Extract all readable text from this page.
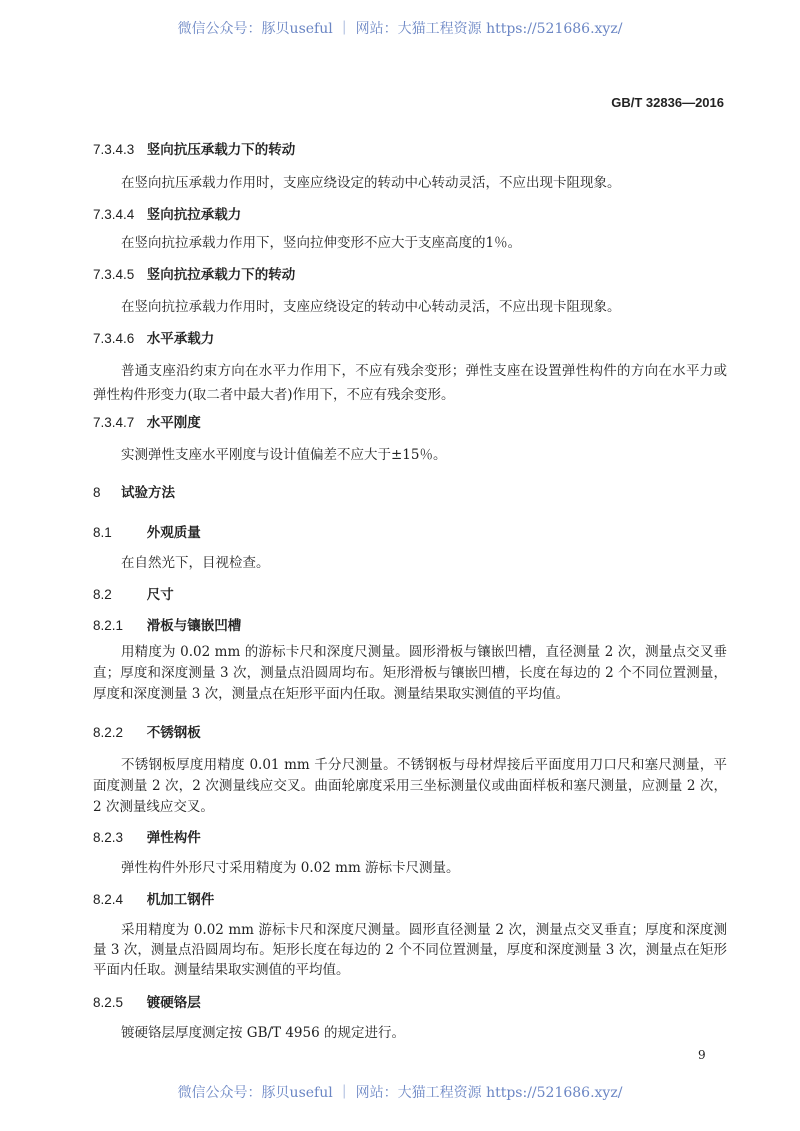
微信公众号：豚贝useful ｜ 网站：大猫工程资源 https://521686.xyz/
GB/T 32836—2016
7.3.4.3 竖向抗压承载力下的转动
在竖向抗压承载力作用时，支座应绕设定的转动中心转动灵活，不应出现卡阻现象。
7.3.4.4 竖向抗拉承载力
在竖向抗拉承载力作用下，竖向拉伸变形不应大于支座高度的1％。
7.3.4.5 竖向抗拉承载力下的转动
在竖向抗拉承载力作用时，支座应绕设定的转动中心转动灵活，不应出现卡阻现象。
7.3.4.6 水平承载力
普通支座沿约束方向在水平力作用下，不应有残余变形；弹性支座在设置弹性构件的方向在水平力或弹性构件形变力(取二者中最大者)作用下，不应有残余变形。
7.3.4.7 水平刚度
实测弹性支座水平刚度与设计值偏差不应大于±15％。
8 试验方法
8.1	外观质量
在自然光下，目视检查。
8.2	尺寸
8.2.1 滑板与镶嵌凹槽
用精度为 0.02 mm 的游标卡尺和深度尺测量。圆形滑板与镶嵌凹槽，直径测量 2 次，测量点交叉垂直；厚度和深度测量 3 次，测量点沿圆周均布。矩形滑板与镶嵌凹槽，长度在每边的 2 个不同位置测量，厚度和深度测量 3 次，测量点在矩形平面内任取。测量结果取实测值的平均值。
8.2.2 不锈钢板
不锈钢板厚度用精度 0.01 mm 千分尺测量。不锈钢板与母材焊接后平面度用刀口尺和塞尺测量，平面度测量 2 次，2 次测量线应交叉。曲面轮廓度采用三坐标测量仪或曲面样板和塞尺测量，应测量 2 次，2 次测量线应交叉。
8.2.3 弹性构件
弹性构件外形尺寸采用精度为 0.02 mm 游标卡尺测量。
8.2.4 机加工钢件
采用精度为 0.02 mm 游标卡尺和深度尺测量。圆形直径测量 2 次，测量点交叉垂直；厚度和深度测量 3 次，测量点沿圆周均布。矩形长度在每边的 2 个不同位置测量，厚度和深度测量 3 次，测量点在矩形平面内任取。测量结果取实测值的平均值。
8.2.5 镀硬铬层
镀硬铬层厚度测定按 GB/T 4956 的规定进行。
9
微信公众号：豚贝useful ｜ 网站：大猫工程资源 https://521686.xyz/
